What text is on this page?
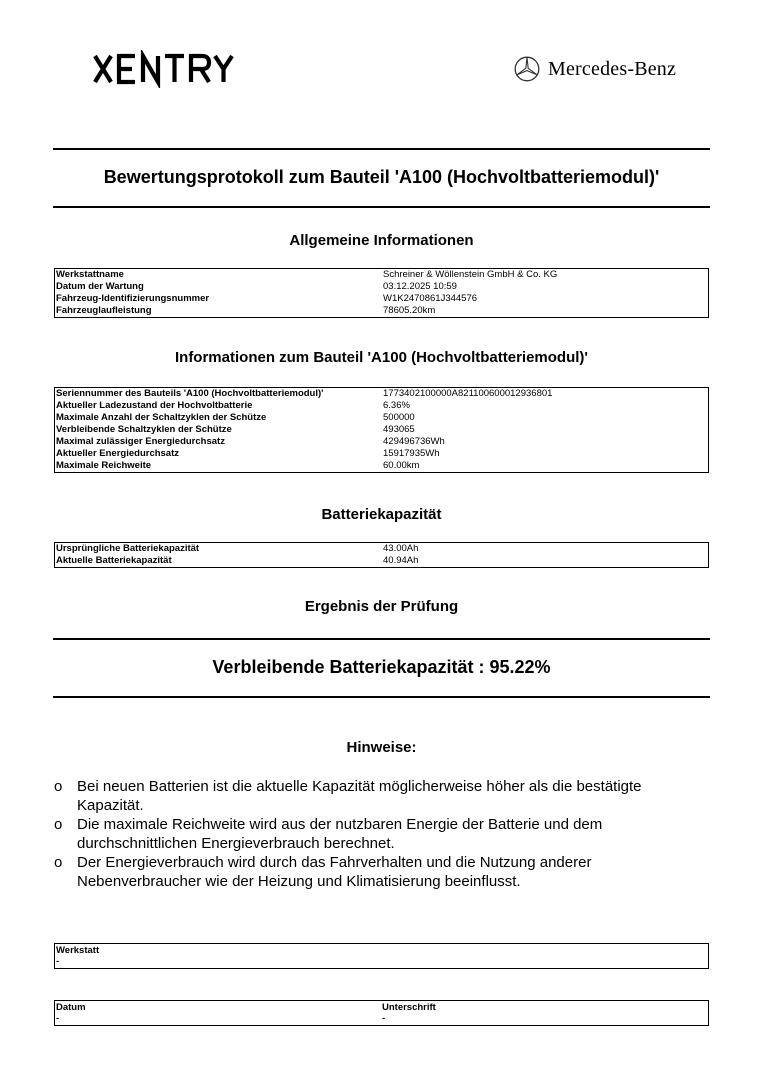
XENTRY
Mercedes-Benz
Bewertungsprotokoll zum Bauteil 'A100 (Hochvoltbatteriemodul)'
Allgemeine Informationen
Werkstattname	Schreiner & Wöllenstein GmbH & Co. KG
Datum der Wartung	03.12.2025 10:59
Fahrzeug-Identifizierungsnummer	W1K2470861J344576
Fahrzeuglaufleistung	78605.20km
Informationen zum Bauteil 'A100 (Hochvoltbatteriemodul)'
Seriennummer des Bauteils 'A100 (Hochvoltbatteriemodul)'	1773402100000A821100600012936801
Aktueller Ladezustand der Hochvoltbatterie	6.36%
Maximale Anzahl der Schaltzyklen der Schütze	500000
Verbleibende Schaltzyklen der Schütze	493065
Maximal zulässiger Energiedurchsatz	429496736Wh
Aktueller Energiedurchsatz	15917935Wh
Maximale Reichweite	60.00km
Batteriekapazität
Ursprüngliche Batteriekapazität	43.00Ah
Aktuelle Batteriekapazität	40.94Ah
Ergebnis der Prüfung
Verbleibende Batteriekapazität : 95.22%
Hinweise:
o Bei neuen Batterien ist die aktuelle Kapazität möglicherweise höher als die bestätigte Kapazität.
o Die maximale Reichweite wird aus der nutzbaren Energie der Batterie und dem durchschnittlichen Energieverbrauch berechnet.
o Der Energieverbrauch wird durch das Fahrverhalten und die Nutzung anderer Nebenverbraucher wie der Heizung und Klimatisierung beeinflusst.
Werkstatt
-
Datum
-
Unterschrift
-
